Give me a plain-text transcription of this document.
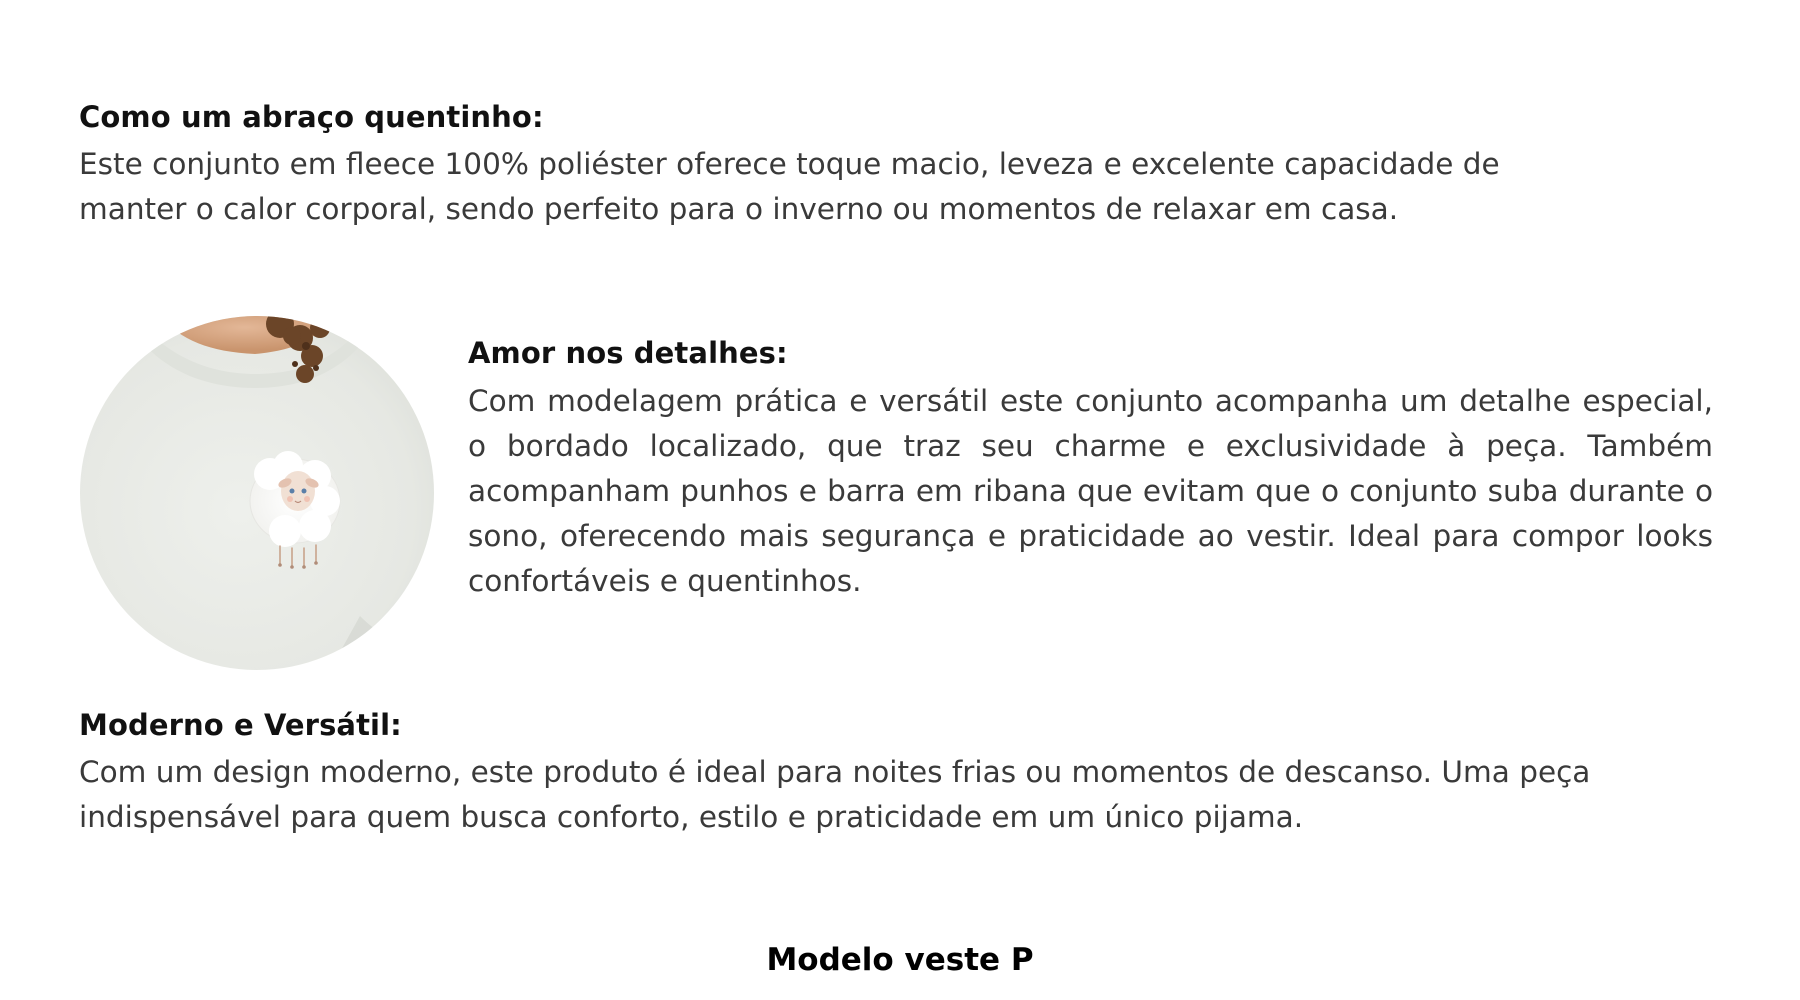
Como um abraço quentinho:

Este conjunto em fleece 100% poliéster oferece toque macio, leveza e excelente capacidade de manter o calor corporal, sendo perfeito para o inverno ou momentos de relaxar em casa.

Amor nos detalhes:

Com modelagem prática e versátil este conjunto acompanha um detalhe especial, o bordado localizado, que traz seu charme e exclusividade à peça. Também acompanham punhos e barra em ribana que evitam que o conjunto suba durante o sono, oferecendo mais segurança e praticidade ao vestir. Ideal para compor looks confortáveis e quentinhos.

Moderno e Versátil:

Com um design moderno, este produto é ideal para noites frias ou momentos de descanso. Uma peça indispensável para quem busca conforto, estilo e praticidade em um único pijama.

Modelo veste P
